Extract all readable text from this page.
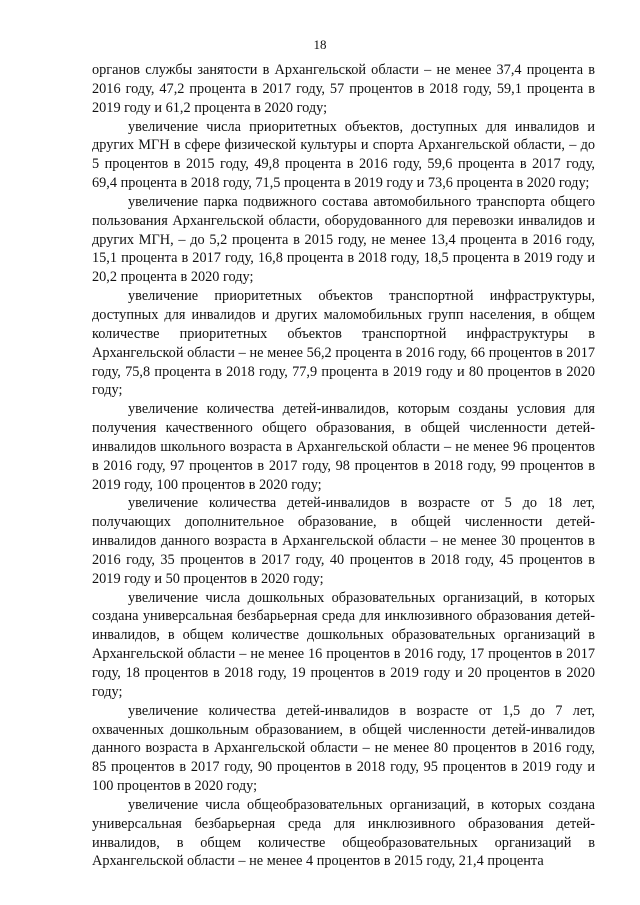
18

органов службы занятости в Архангельской области – не менее 37,4 процента в 2016 году, 47,2 процента в 2017 году, 57 процентов в 2018 году, 59,1 процента в 2019 году и 61,2 процента в 2020 году;

увеличение числа приоритетных объектов, доступных для инвалидов и других МГН в сфере физической культуры и спорта Архангельской области, – до 5 процентов в 2015 году, 49,8 процента в 2016 году, 59,6 процента в 2017 году, 69,4 процента в 2018 году, 71,5 процента в 2019 году и 73,6 процента в 2020 году;

увеличение парка подвижного состава автомобильного транспорта общего пользования Архангельской области, оборудованного для перевозки инвалидов и других МГН, – до 5,2 процента в 2015 году, не менее 13,4 процента в 2016 году, 15,1 процента в 2017 году, 16,8 процента в 2018 году, 18,5 процента в 2019 году и 20,2 процента в 2020 году;

увеличение приоритетных объектов транспортной инфраструктуры, доступных для инвалидов и других маломобильных групп населения, в общем количестве приоритетных объектов транспортной инфраструктуры в Архангельской области – не менее 56,2 процента в 2016 году, 66 процентов в 2017 году, 75,8 процента в 2018 году, 77,9 процента в 2019 году и 80 процентов в 2020 году;

увеличение количества детей-инвалидов, которым созданы условия для получения качественного общего образования, в общей численности детей-инвалидов школьного возраста в Архангельской области – не менее 96 процентов в 2016 году, 97 процентов в 2017 году, 98 процентов в 2018 году, 99 процентов в 2019 году, 100 процентов в 2020 году;

увеличение количества детей-инвалидов в возрасте от 5 до 18 лет, получающих дополнительное образование, в общей численности детей-инвалидов данного возраста в Архангельской области – не менее 30 процентов в 2016 году, 35 процентов в 2017 году, 40 процентов в 2018 году, 45 процентов в 2019 году и 50 процентов в 2020 году;

увеличение числа дошкольных образовательных организаций, в которых создана универсальная безбарьерная среда для инклюзивного образования детей-инвалидов, в общем количестве дошкольных образовательных организаций в Архангельской области – не менее 16 процентов в 2016 году, 17 процентов в 2017 году, 18 процентов в 2018 году, 19 процентов в 2019 году и 20 процентов в 2020 году;

увеличение количества детей-инвалидов в возрасте от 1,5 до 7 лет, охваченных дошкольным образованием, в общей численности детей-инвалидов данного возраста в Архангельской области – не менее 80 процентов в 2016 году, 85 процентов в 2017 году, 90 процентов в 2018 году, 95 процентов в 2019 году и 100 процентов в 2020 году;

увеличение числа общеобразовательных организаций, в которых создана универсальная безбарьерная среда для инклюзивного образования детей-инвалидов, в общем количестве общеобразовательных организаций в Архангельской области – не менее 4 процентов в 2015 году, 21,4 процента
